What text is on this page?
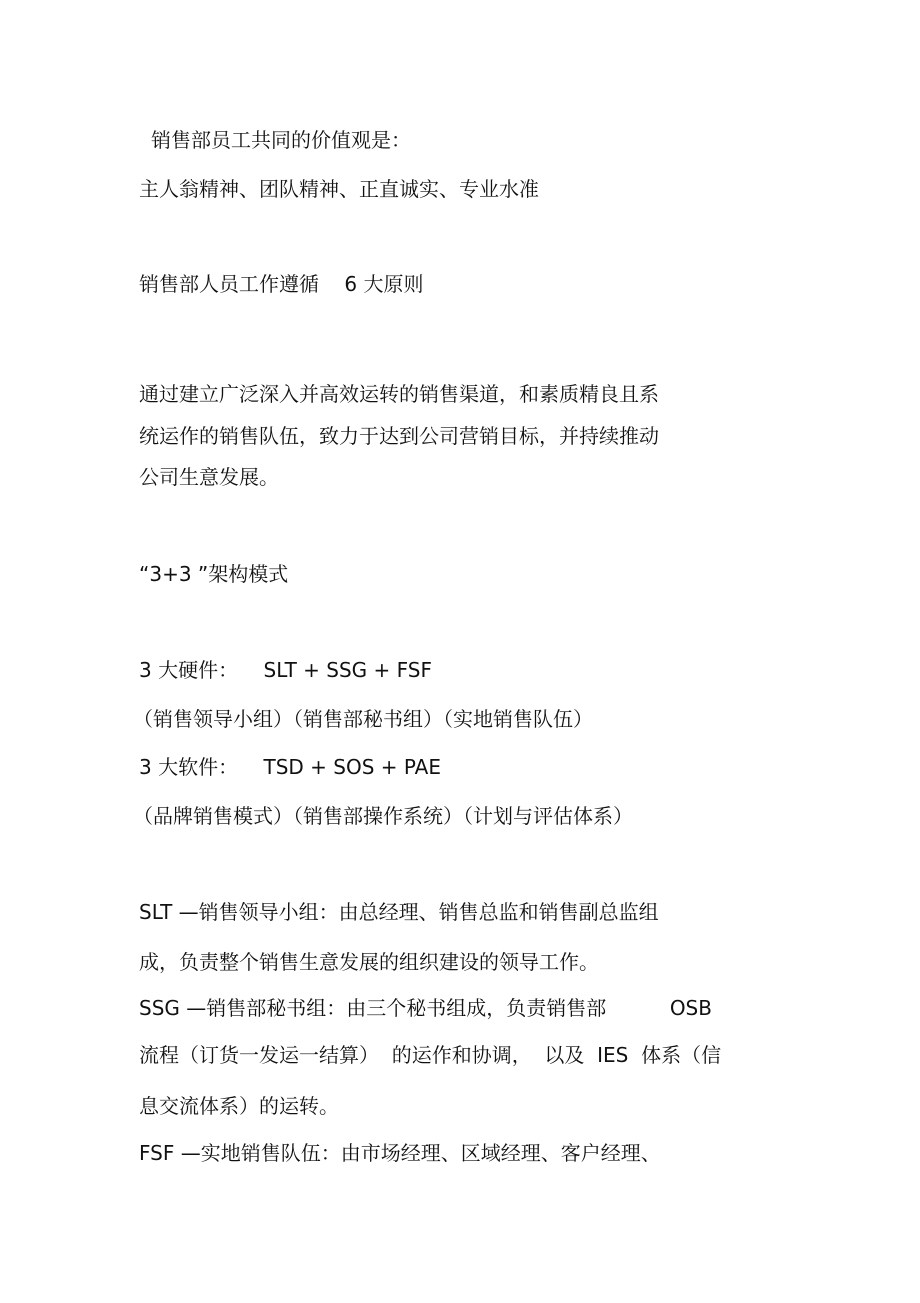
销售部员工共同的价值观是：

主人翁精神、团队精神、正直诚实、专业水准

销售部人员工作遵循    6 大原则

通过建立广泛深入并高效运转的销售渠道，和素质精良且系

统运作的销售队伍，致力于达到公司营销目标，并持续推动

公司生意发展。

“3+3 ”架构模式

3 大硬件：    SLT + SSG + FSF

（销售领导小组）（销售部秘书组）（实地销售队伍）

3 大软件：    TSD + SOS + PAE

（品牌销售模式）（销售部操作系统）（计划与评估体系）

SLT —销售领导小组：由总经理、销售总监和销售副总监组

成，负责整个销售生意发展的组织建设的领导工作。

SSG —销售部秘书组：由三个秘书组成，负责销售部          OSB

流程（订货一发运一结算）  的运作和协调，  以及  IES  体系（信

息交流体系）的运转。

FSF —实地销售队伍：由市场经理、区域经理、客户经理、
